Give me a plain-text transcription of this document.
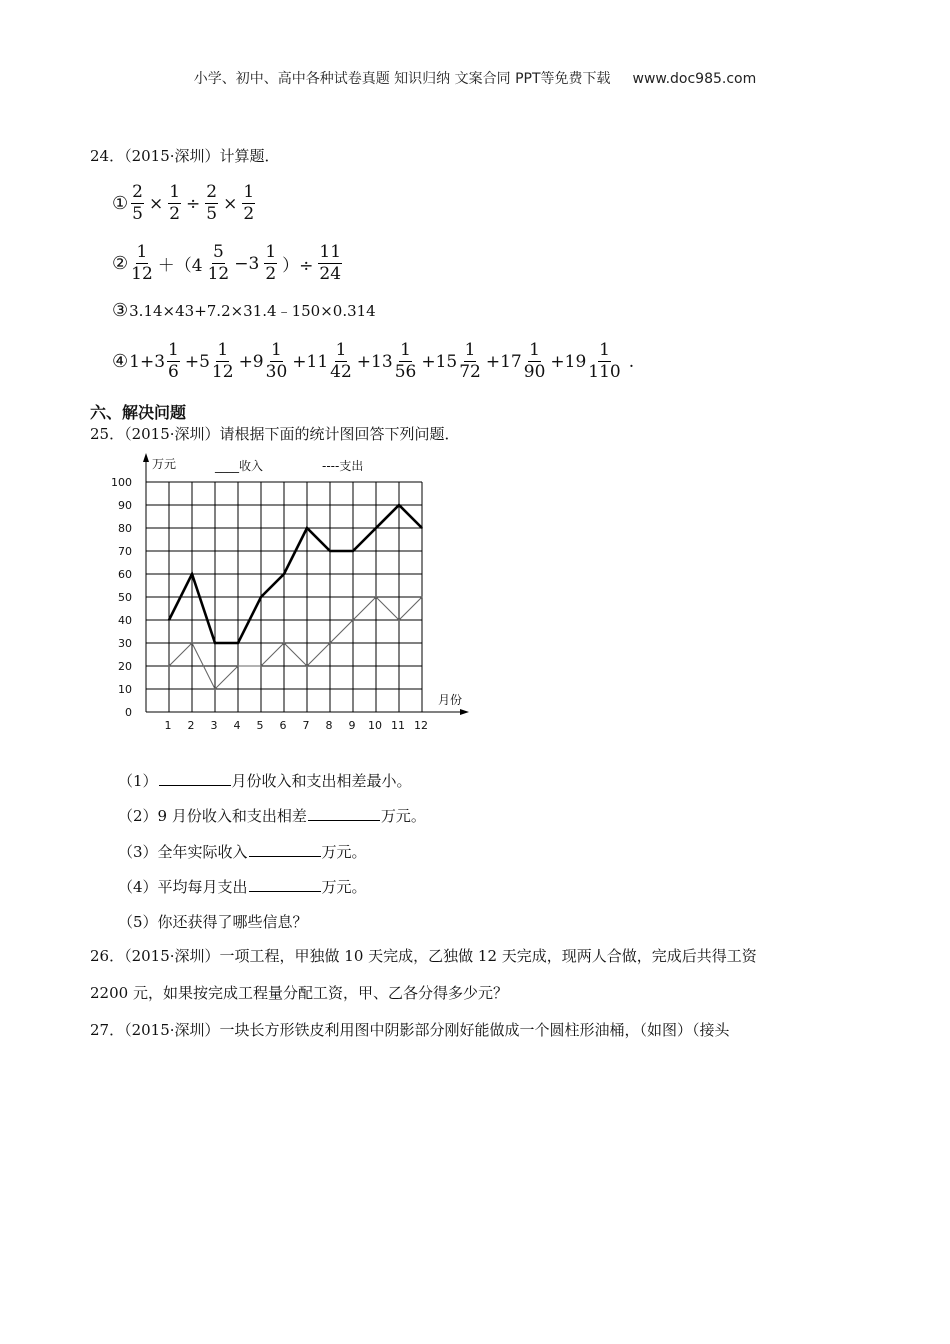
小学、初中、高中各种试卷真题 知识归纳 文案合同 PPT等免费下载 www.doc985.com
24．（2015·深圳）计算题．
① $\frac{2}{5} \times \frac{1}{2} \div \frac{2}{5} \times \frac{1}{2}$
② $\frac{1}{12} +(4 \frac{5}{12} -3 \frac{1}{2}$ ）÷ $\frac{11}{24}$
③ 3.14×43+7.2×31.4﹣150×0.314
④ $1+3 \frac{1}{6} +5 \frac{1}{12} +9 \frac{1}{30} +11 \frac{1}{42} +13 \frac{1}{56} +15 \frac{1}{72} +17 \frac{1}{90} +19 \frac{1}{110}$ .
六、解决问题
25．（2015·深圳）请根据下面的统计图回答下列问题．
0
10
20
30
40
50
60
70
80
90
100
1 2 3 4 5 6 7 8 9 10 11 12
万元
月份
____收入	----支出
（1）	月份收入和支出相差最小。
（2）9 月份收入和支出相差	万元。
（3）全年实际收入	万元。
（4）平均每月支出	万元。
（5）你还获得了哪些信息？
26．（2015·深圳）一项工程，甲独做 10 天完成，乙独做 12 天完成，现两人合做，完成后共得工资
2200 元，如果按完成工程量分配工资，甲、乙各分得多少元？
27．（2015·深圳）一块长方形铁皮利用图中阴影部分刚好能做成一个圆柱形油桶，（如图）（接头
